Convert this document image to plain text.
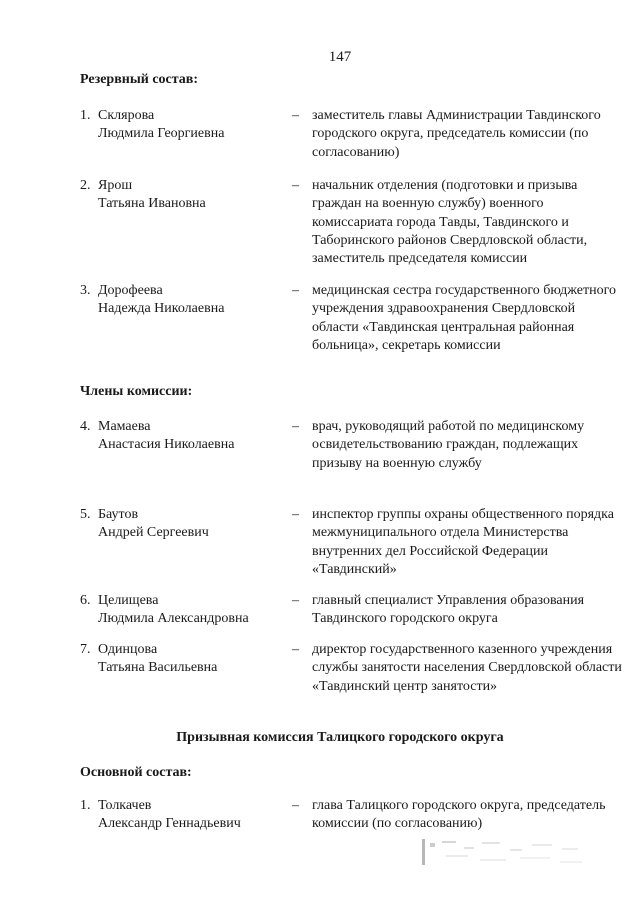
147
Резервный состав:
1. Склярова
Людмила Георгиевна
– заместитель главы Администрации Тавдинского городского округа, председатель комиссии (по согласованию)
2. Ярош
Татьяна Ивановна
– начальник отделения (подготовки и призыва граждан на военную службу) военного комиссариата города Тавды, Тавдинского и Таборинского районов Свердловской области, заместитель председателя комиссии
3. Дорофеева
Надежда Николаевна
– медицинская сестра государственного бюджетного учреждения здравоохранения Свердловской области «Тавдинская центральная районная больница», секретарь комиссии
Члены комиссии:
4. Мамаева
Анастасия Николаевна
– врач, руководящий работой по медицинскому освидетельствованию граждан, подлежащих призыву на военную службу
5. Баутов
Андрей Сергеевич
– инспектор группы охраны общественного порядка межмуниципального отдела Министерства внутренних дел Российской Федерации «Тавдинский»
6. Целищева
Людмила Александровна
– главный специалист Управления образования Тавдинского городского округа
7. Одинцова
Татьяна Васильевна
– директор государственного казенного учреждения службы занятости населения Свердловской области «Тавдинский центр занятости»
Призывная комиссия Талицкого городского округа
Основной состав:
1. Толкачев
Александр Геннадьевич
– глава Талицкого городского округа, председатель комиссии (по согласованию)
